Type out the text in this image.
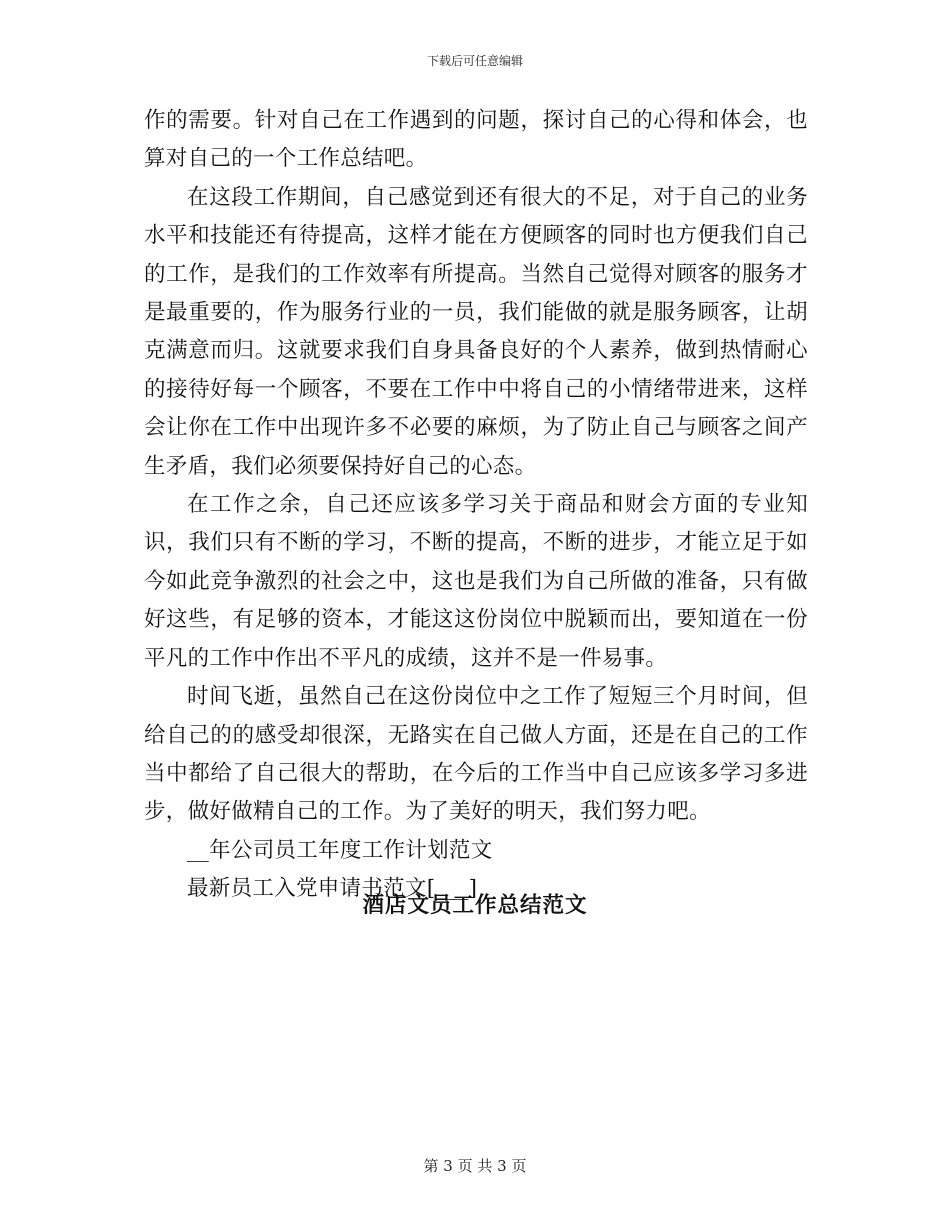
下载后可任意编辑

作的需要。针对自己在工作遇到的问题，探讨自己的心得和体会，也算对自己的一个工作总结吧。

在这段工作期间，自己感觉到还有很大的不足，对于自己的业务水平和技能还有待提高，这样才能在方便顾客的同时也方便我们自己的工作，是我们的工作效率有所提高。当然自己觉得对顾客的服务才是最重要的，作为服务行业的一员，我们能做的就是服务顾客，让胡克满意而归。这就要求我们自身具备良好的个人素养，做到热情耐心的接待好每一个顾客，不要在工作中中将自己的小情绪带进来，这样会让你在工作中出现许多不必要的麻烦，为了防止自己与顾客之间产生矛盾，我们必须要保持好自己的心态。

在工作之余，自己还应该多学习关于商品和财会方面的专业知识，我们只有不断的学习，不断的提高，不断的进步，才能立足于如今如此竞争激烈的社会之中，这也是我们为自己所做的准备，只有做好这些，有足够的资本，才能这这份岗位中脱颖而出，要知道在一份平凡的工作中作出不平凡的成绩，这并不是一件易事。

时间飞逝，虽然自己在这份岗位中之工作了短短三个月时间，但给自己的的感受却很深，无路实在自己做人方面，还是在自己的工作当中都给了自己很大的帮助，在今后的工作当中自己应该多学习多进步，做好做精自己的工作。为了美好的明天，我们努力吧。

__年公司员工年度工作计划范文

最新员工入党申请书范文[___]

酒店文员工作总结范文
第 3 页 共 3 页
